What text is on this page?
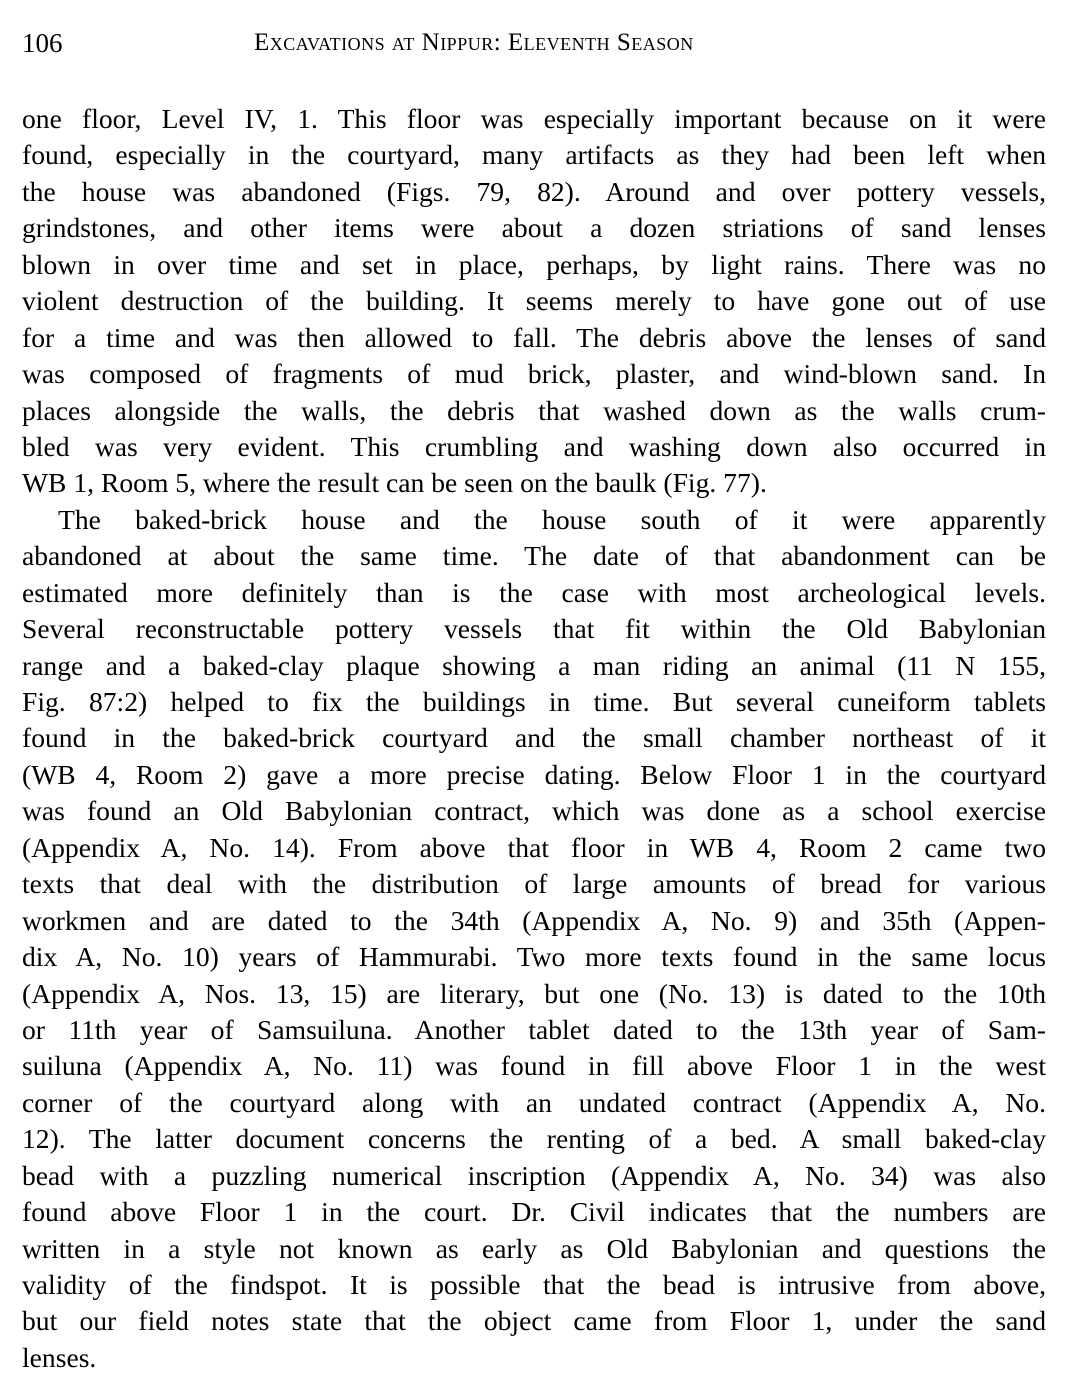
106	Excavations at Nippur: Eleventh Season
one floor, Level IV, 1. This floor was especially important because on it were
found, especially in the courtyard, many artifacts as they had been left when
the house was abandoned (Figs. 79, 82). Around and over pottery vessels,
grindstones, and other items were about a dozen striations of sand lenses
blown in over time and set in place, perhaps, by light rains. There was no
violent destruction of the building. It seems merely to have gone out of use
for a time and was then allowed to fall. The debris above the lenses of sand
was composed of fragments of mud brick, plaster, and wind-blown sand. In
places alongside the walls, the debris that washed down as the walls crum-
bled was very evident. This crumbling and washing down also occurred in
WB 1, Room 5, where the result can be seen on the baulk (Fig. 77).
The baked-brick house and the house south of it were apparently
abandoned at about the same time. The date of that abandonment can be
estimated more definitely than is the case with most archeological levels.
Several reconstructable pottery vessels that fit within the Old Babylonian
range and a baked-clay plaque showing a man riding an animal (11 N 155,
Fig. 87:2) helped to fix the buildings in time. But several cuneiform tablets
found in the baked-brick courtyard and the small chamber northeast of it
(WB 4, Room 2) gave a more precise dating. Below Floor 1 in the courtyard
was found an Old Babylonian contract, which was done as a school exercise
(Appendix A, No. 14). From above that floor in WB 4, Room 2 came two
texts that deal with the distribution of large amounts of bread for various
workmen and are dated to the 34th (Appendix A, No. 9) and 35th (Appen-
dix A, No. 10) years of Hammurabi. Two more texts found in the same locus
(Appendix A, Nos. 13, 15) are literary, but one (No. 13) is dated to the 10th
or 11th year of Samsuiluna. Another tablet dated to the 13th year of Sam-
suiluna (Appendix A, No. 11) was found in fill above Floor 1 in the west
corner of the courtyard along with an undated contract (Appendix A, No.
12). The latter document concerns the renting of a bed. A small baked-clay
bead with a puzzling numerical inscription (Appendix A, No. 34) was also
found above Floor 1 in the court. Dr. Civil indicates that the numbers are
written in a style not known as early as Old Babylonian and questions the
validity of the findspot. It is possible that the bead is intrusive from above,
but our field notes state that the object came from Floor 1, under the sand
lenses.
